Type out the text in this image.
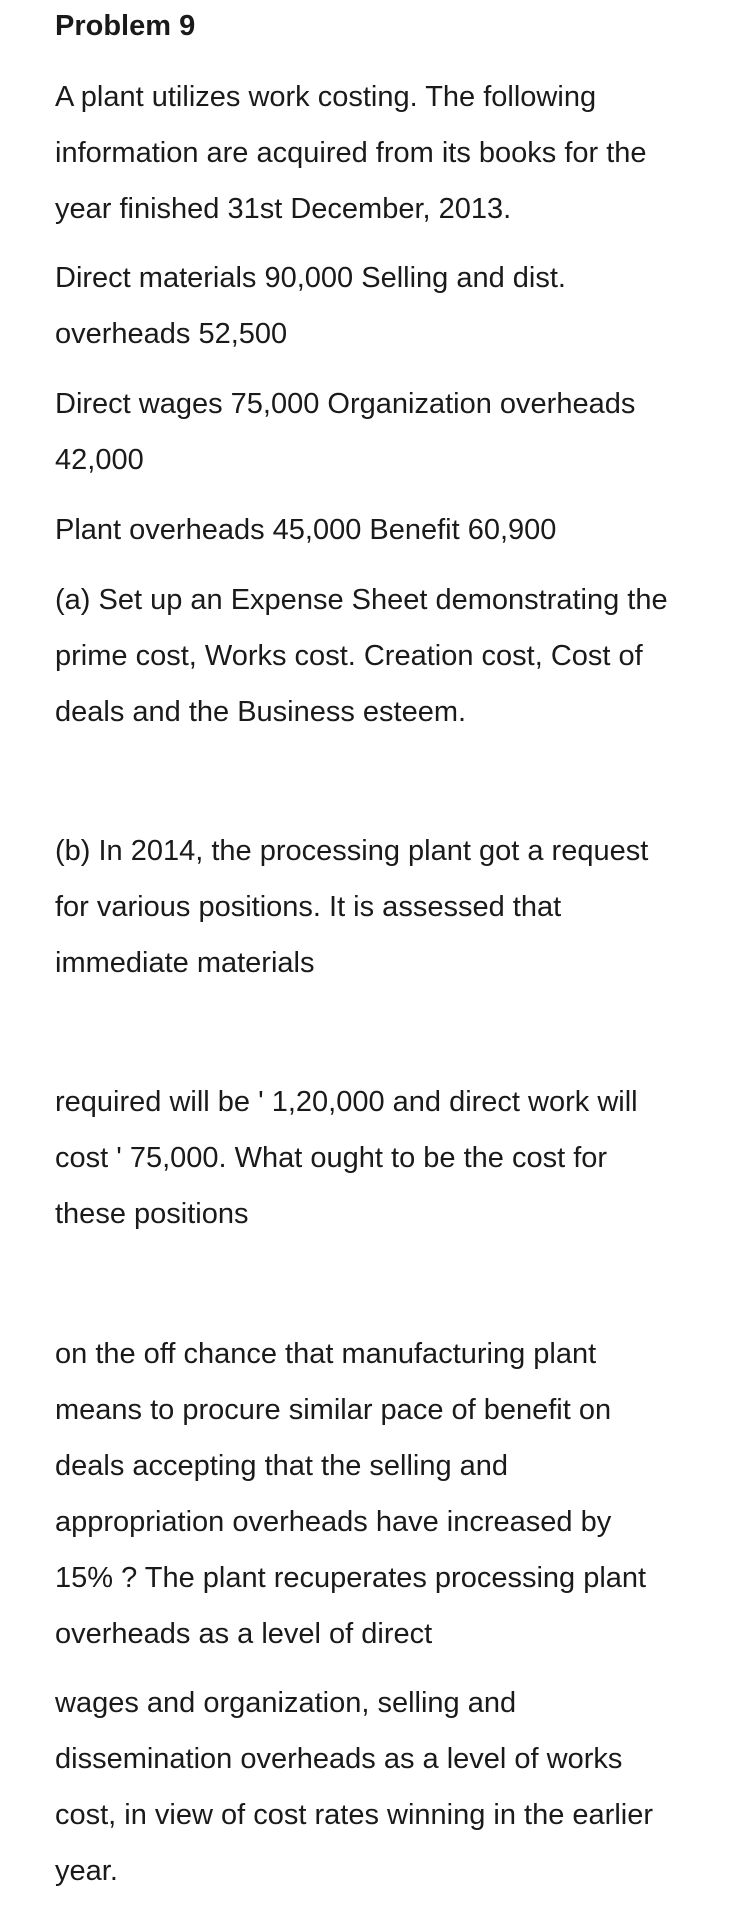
Problem 9

A plant utilizes work costing. The following
information are acquired from its books for the
year finished 31st December, 2013.

Direct materials 90,000 Selling and dist.
overheads 52,500

Direct wages 75,000 Organization overheads
42,000

Plant overheads 45,000 Benefit 60,900

(a) Set up an Expense Sheet demonstrating the
prime cost, Works cost. Creation cost, Cost of
deals and the Business esteem.

(b) In 2014, the processing plant got a request
for various positions. It is assessed that
immediate materials

required will be ' 1,20,000 and direct work will
cost ' 75,000. What ought to be the cost for
these positions

on the off chance that manufacturing plant
means to procure similar pace of benefit on
deals accepting that the selling and
appropriation overheads have increased by
15% ? The plant recuperates processing plant
overheads as a level of direct

wages and organization, selling and
dissemination overheads as a level of works
cost, in view of cost rates winning in the earlier
year.
